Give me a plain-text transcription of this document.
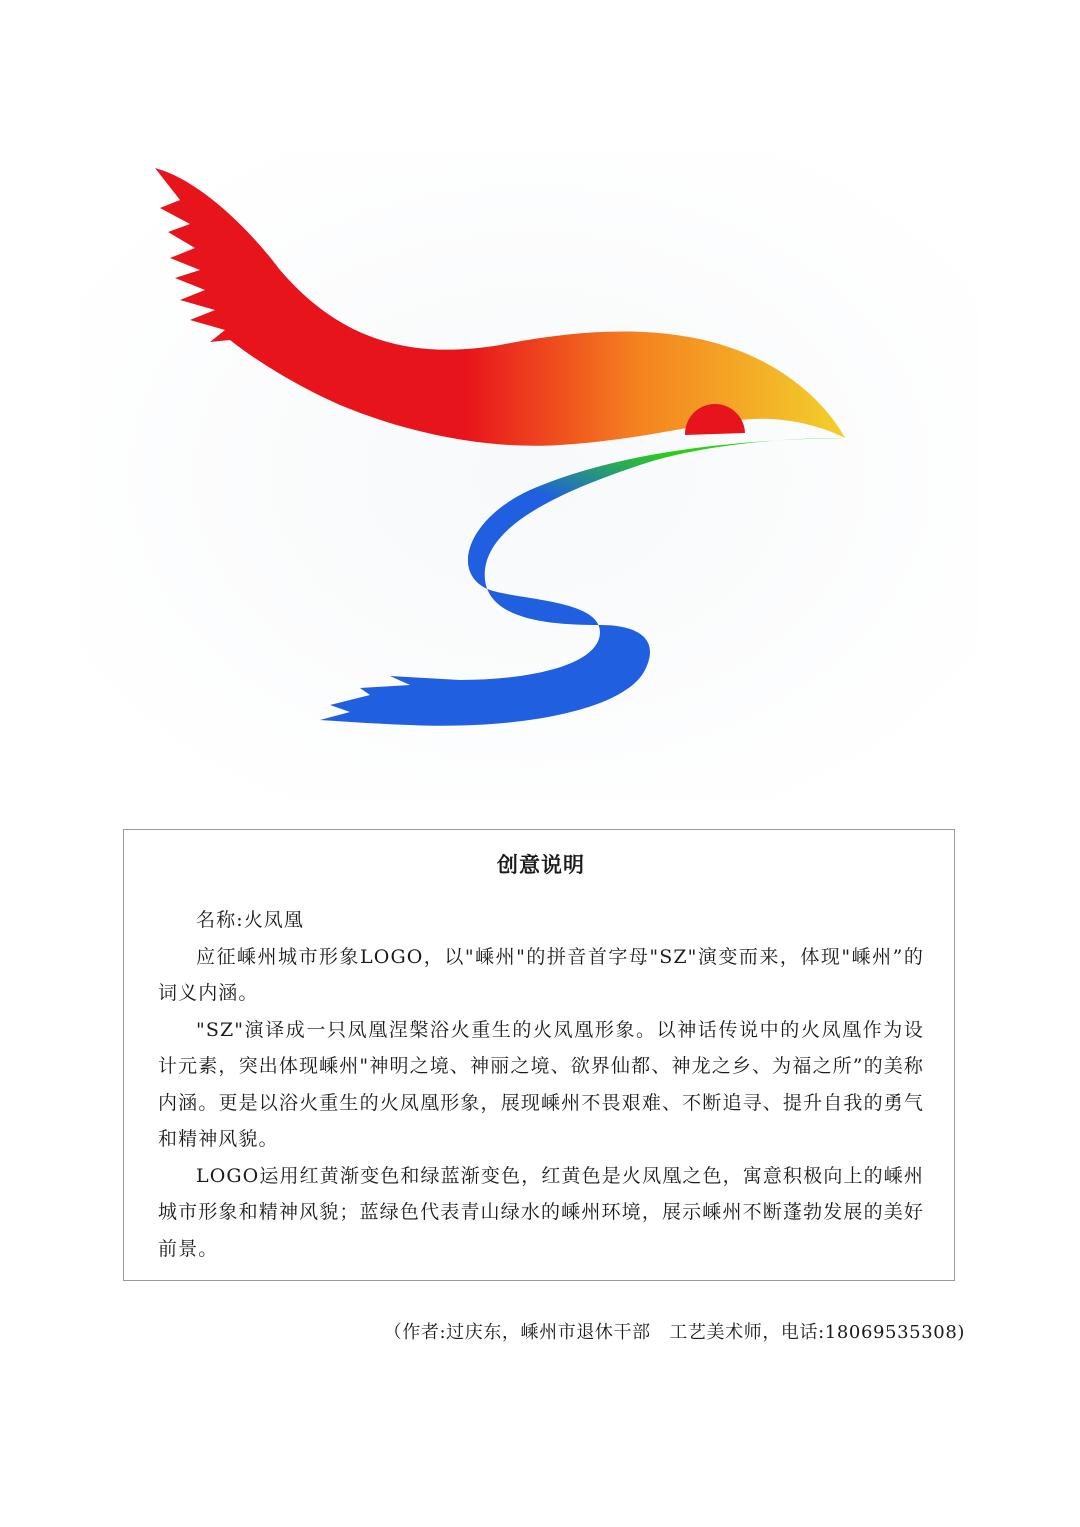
创意说明

名称:火凤凰

应征嵊州城市形象LOGO，以"嵊州"的拼音首字母"SZ"演变而来，体现"嵊州”的词义内涵。

"SZ"演译成一只凤凰涅槃浴火重生的火凤凰形象。以神话传说中的火凤凰作为设计元素，突出体现嵊州"神明之境、神丽之境、欲界仙都、神龙之乡、为福之所”的美称内涵。更是以浴火重生的火凤凰形象，展现嵊州不畏艰难、不断追寻、提升自我的勇气和精神风貌。

LOGO运用红黄渐变色和绿蓝渐变色，红黄色是火凤凰之色，寓意积极向上的嵊州城市形象和精神风貌；蓝绿色代表青山绿水的嵊州环境，展示嵊州不断蓬勃发展的美好前景。

（作者:过庆东，嵊州市退休干部　工艺美术师，电话:18069535308)
